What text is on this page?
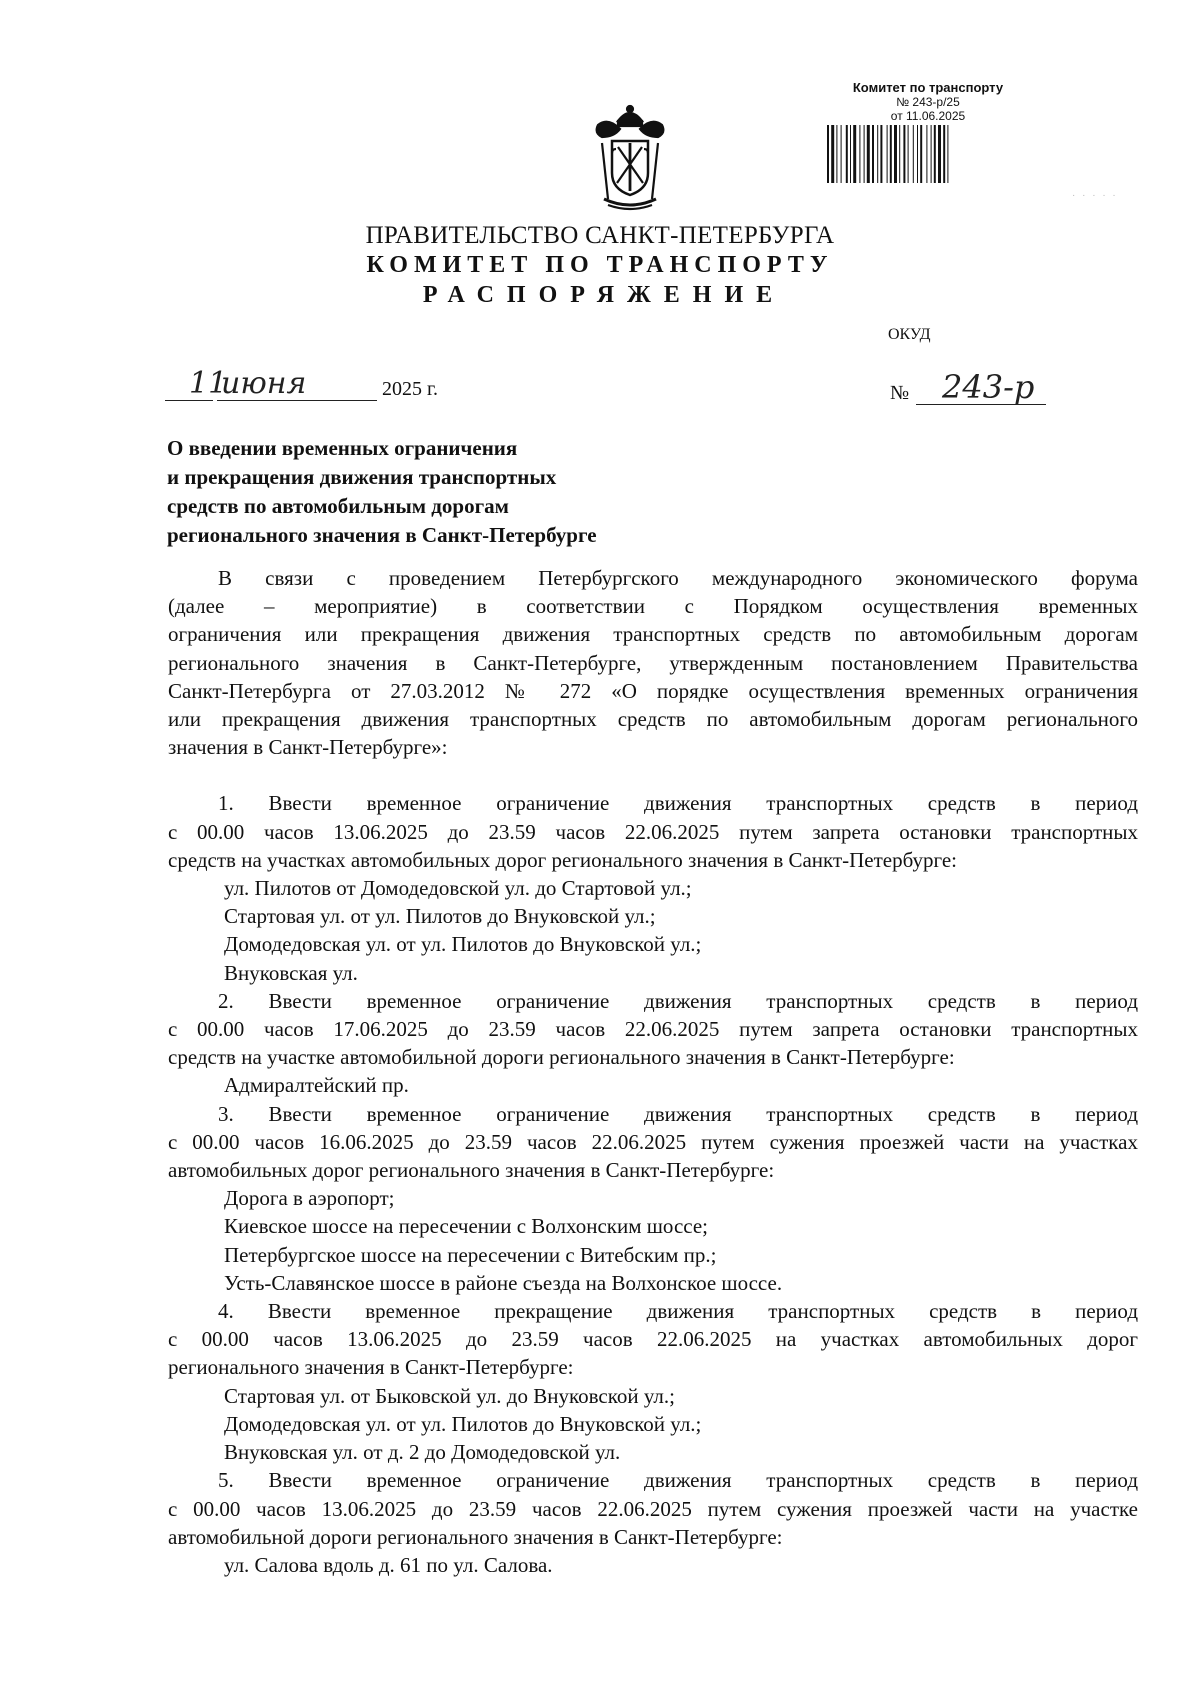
Комитет по транспорту
№ 243-р/25
от 11.06.2025
· · · · ·
ПРАВИТЕЛЬСТВО САНКТ-ПЕТЕРБУРГА
КОМИТЕТ ПО ТРАНСПОРТУ
РАСПОРЯЖЕНИЕ
ОКУД
11
июня	2025 г.	№ 243-р
О введении временных ограничения
и прекращения движения транспортных
средств по автомобильным дорогам
регионального значения в Санкт-Петербурге

В связи с проведением Петербургского международного экономического форума

(далее – мероприятие) в соответствии с Порядком осуществления временных

ограничения или прекращения движения транспортных средств по автомобильным дорогам

регионального значения в Санкт-Петербурге, утвержденным постановлением Правительства

Санкт-Петербурга от 27.03.2012 № 272 «О порядке осуществления временных ограничения

или прекращения движения транспортных средств по автомобильным дорогам регионального

значения в Санкт-Петербурге»:

1. Ввести временное ограничение движения транспортных средств в период

с 00.00 часов 13.06.2025 до 23.59 часов 22.06.2025 путем запрета остановки транспортных

средств на участках автомобильных дорог регионального значения в Санкт-Петербурге:

ул. Пилотов от Домодедовской ул. до Стартовой ул.;

Стартовая ул. от ул. Пилотов до Внуковской ул.;

Домодедовская ул. от ул. Пилотов до Внуковской ул.;

Внуковская ул.

2. Ввести временное ограничение движения транспортных средств в период

с 00.00 часов 17.06.2025 до 23.59 часов 22.06.2025 путем запрета остановки транспортных

средств на участке автомобильной дороги регионального значения в Санкт-Петербурге:

Адмиралтейский пр.

3. Ввести временное ограничение движения транспортных средств в период

с 00.00 часов 16.06.2025 до 23.59 часов 22.06.2025 путем сужения проезжей части на участках

автомобильных дорог регионального значения в Санкт-Петербурге:

Дорога в аэропорт;

Киевское шоссе на пересечении с Волхонским шоссе;

Петербургское шоссе на пересечении с Витебским пр.;

Усть-Славянское шоссе в районе съезда на Волхонское шоссе.

4. Ввести временное прекращение движения транспортных средств в период

с 00.00 часов 13.06.2025 до 23.59 часов 22.06.2025 на участках автомобильных дорог

регионального значения в Санкт-Петербурге:

Стартовая ул. от Быковской ул. до Внуковской ул.;

Домодедовская ул. от ул. Пилотов до Внуковской ул.;

Внуковская ул. от д. 2 до Домодедовской ул.

5. Ввести временное ограничение движения транспортных средств в период

с 00.00 часов 13.06.2025 до 23.59 часов 22.06.2025 путем сужения проезжей части на участке

автомобильной дороги регионального значения в Санкт-Петербурге:

ул. Салова вдоль д. 61 по ул. Салова.
